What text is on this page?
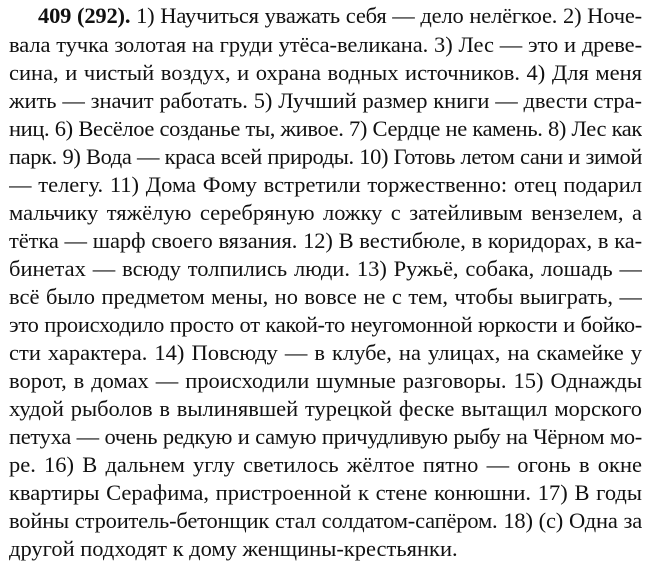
409 (292). 1) Научиться уважать себя — дело нелёгкое. 2) Ноче-
вала тучка золотая на груди утёса-великана. 3) Лес — это и древе-
сина, и чистый воздух, и охрана водных источников. 4) Для меня
жить — значит работать. 5) Лучший размер книги — двести стра-
ниц. 6) Весёлое созданье ты, живое. 7) Сердце не камень. 8) Лес как
парк. 9) Вода — краса всей природы. 10) Готовь летом сани и зимой
— телегу. 11) Дома Фому встретили торжественно: отец подарил
мальчику тяжёлую серебряную ложку с затейливым вензелем, а
тётка — шарф своего вязания. 12) В вестибюле, в коридорах, в ка-
бинетах — всюду толпились люди. 13) Ружьё, собака, лошадь —
всё было предметом мены, но вовсе не с тем, чтобы выиграть, —
это происходило просто от какой-то неугомонной юркости и бойко-
сти характера. 14) Повсюду — в клубе, на улицах, на скамейке у
ворот, в домах — происходили шумные разговоры. 15) Однажды
худой рыболов в вылинявшей турецкой феске вытащил морского
петуха — очень редкую и самую причудливую рыбу на Чёрном мо-
ре. 16) В дальнем углу светилось жёлтое пятно — огонь в окне
квартиры Серафима, пристроенной к стене конюшни. 17) В годы
войны строитель-бетонщик стал солдатом-сапёром. 18) (с) Одна за
другой подходят к дому женщины-крестьянки.
